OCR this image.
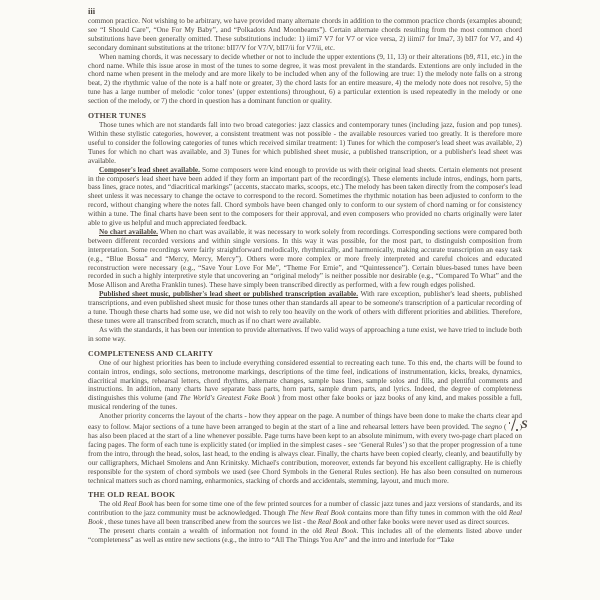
iii

common practice. Not wishing to be arbitrary, we have provided many alternate chords in addition to the common practice chords (examples abound; see “I Should Care”, “One For My Baby”, and “Polkadots And Moonbeams”). Certain alternate chords resulting from the most common chord substitutions have been generally omitted. These substitutions include: 1) iimi7 V7 for V7 or vice versa, 2) iiimi7 for Ima7, 3) bII7 for V7, and 4) secondary dominant substitutions at the tritone: bII7/V for V7/V, bII7/ii for V7/ii, etc.

When naming chords, it was necessary to decide whether or not to include the upper extentions (9, 11, 13) or their alterations (b9, #11, etc.) in the chord name. While this issue arose in most of the tunes to some degree, it was most prevalent in the standards. Extentions are only included in the chord name when present in the melody and are more likely to be included when any of the following are true: 1) the melody note falls on a strong beat, 2) the rhythmic value of the note is a half note or greater, 3) the chord lasts for an entire measure, 4) the melody note does not resolve, 5) the tune has a large number of melodic ‘color tones’ (upper extentions) throughout, 6) a particular extention is used repeatedly in the melody or one section of the melody, or 7) the chord in question has a dominant function or quality.

OTHER TUNES

Those tunes which are not standards fall into two broad categories: jazz classics and contemporary tunes (including jazz, fusion and pop tunes). Within these stylistic categories, however, a consistent treatment was not possible - the available resources varied too greatly. It is therefore more useful to consider the following categories of tunes which received similar treatment: 1) Tunes for which the composer's lead sheet was available, 2) Tunes for which no chart was available, and 3) Tunes for which published sheet music, a published transcription, or a publisher's lead sheet was available.

Composer's lead sheet available. Some composers were kind enough to provide us with their original lead sheets. Certain elements not present in the composer's lead sheet have been added if they form an important part of the recording(s). These elements include intros, endings, horn parts, bass lines, grace notes, and “diacritical markings” (accents, staccato marks, scoops, etc.) The melody has been taken directly from the composer's lead sheet unless it was necessary to change the octave to correspond to the record. Sometimes the rhythmic notation has been adjusted to conform to the record, without changing where the notes fall. Chord symbols have been changed only to conform to our system of chord naming or for consistency within a tune. The final charts have been sent to the composers for their approval, and even composers who provided no charts originally were later able to give us helpful and much appreciated feedback.

No chart available. When no chart was available, it was necessary to work solely from recordings. Corresponding sections were compared both between different recorded versions and within single versions. In this way it was possible, for the most part, to distinguish composition from interpretation. Some recordings were fairly straightforward melodically, rhythmically, and harmonically, making accurate transcription an easy task (e.g., “Blue Bossa” and “Mercy, Mercy, Mercy”). Others were more complex or more freely interpreted and careful choices and educated reconstruction were necessary (e.g., “Save Your Love For Me”, “Theme For Ernie”, and “Quintessence”). Certain blues-based tunes have been recorded in such a highly interpretive style that uncovering an “original melody” is neither possible nor desirable (e.g., “Compared To What” and the Mose Allison and Aretha Franklin tunes). These have simply been transcribed directly as performed, with a few rough edges polished.

Published sheet music, publisher's lead sheet or published transcription available. With rare exception, publisher's lead sheets, published transcriptions, and even published sheet music for those tunes other than standards all apear to be someone's transcription of a particular recording of a tune. Though these charts had some use, we did not wish to rely too heavily on the work of others with different priorities and abilities. Therefore, these tunes were all transcribed from scratch, much as if no chart were available.

As with the standards, it has been our intention to provide alternatives. If two valid ways of approaching a tune exist, we have tried to include both in some way.

COMPLETENESS AND CLARITY

One of our highest priorities has been to include everything considered essential to recreating each tune. To this end, the charts will be found to contain intros, endings, solo sections, metronome markings, descriptions of the time feel, indications of instrumentation, kicks, breaks, dynamics, diacritical markings, rehearsal letters, chord rhythms, alternate changes, sample bass lines, sample solos and fills, and plentiful comments and instructions. In addition, many charts have separate bass parts, horn parts, sample drum parts, and lyrics. Indeed, the degree of completeness distinguishes this volume (and The World's Greatest Fake Book ) from most other fake books or jazz books of any kind, and makes possible a full, musical rendering of the tunes.

Another priority concerns the layout of the charts - how they appear on the page. A number of things have been done to make the charts clear and easy to follow. Major sections of a tune have been arranged to begin at the start of a line and rehearsal letters have been provided. The segno (	S
) has also been placed at the start of a line whenever possible. Page turns have been kept to an absolute minimum, with every two-page chart placed on facing pages. The form of each tune is explicitly stated (or implied in the simplest cases - see ‘General Rules’) so that the proper progression of a tune from the intro, through the head, solos, last head, to the ending is always clear. Finally, the charts have been copied clearly, cleanly, and beautifully by our calligraphers, Michael Smolens and Ann Krinitsky. Michael's contribution, moreover, extends far beyond his excellent calligraphy. He is chiefly responsible for the system of chord symbols we used (see Chord Symbols in the General Rules section). He has also been consulted on numerous technical matters such as chord naming, enharmonics, stacking of chords and accidentals, stemming, layout, and much more.

THE OLD REAL BOOK

The old Real Book has been for some time one of the few printed sources for a number of classic jazz tunes and jazz versions of standards, and its contribution to the jazz community must be acknowledged. Though The New Real Book contains more than fifty tunes in common with the old Real Book , these tunes have all been transcribed anew from the sources we list - the Real Book and other fake books were never used as direct sources.

The present charts contain a wealth of information not found in the old Real Book. This includes all of the elements listed above under “completeness” as well as entire new sections (e.g., the intro to “All The Things You Are” and the intro and interlude for “Take
